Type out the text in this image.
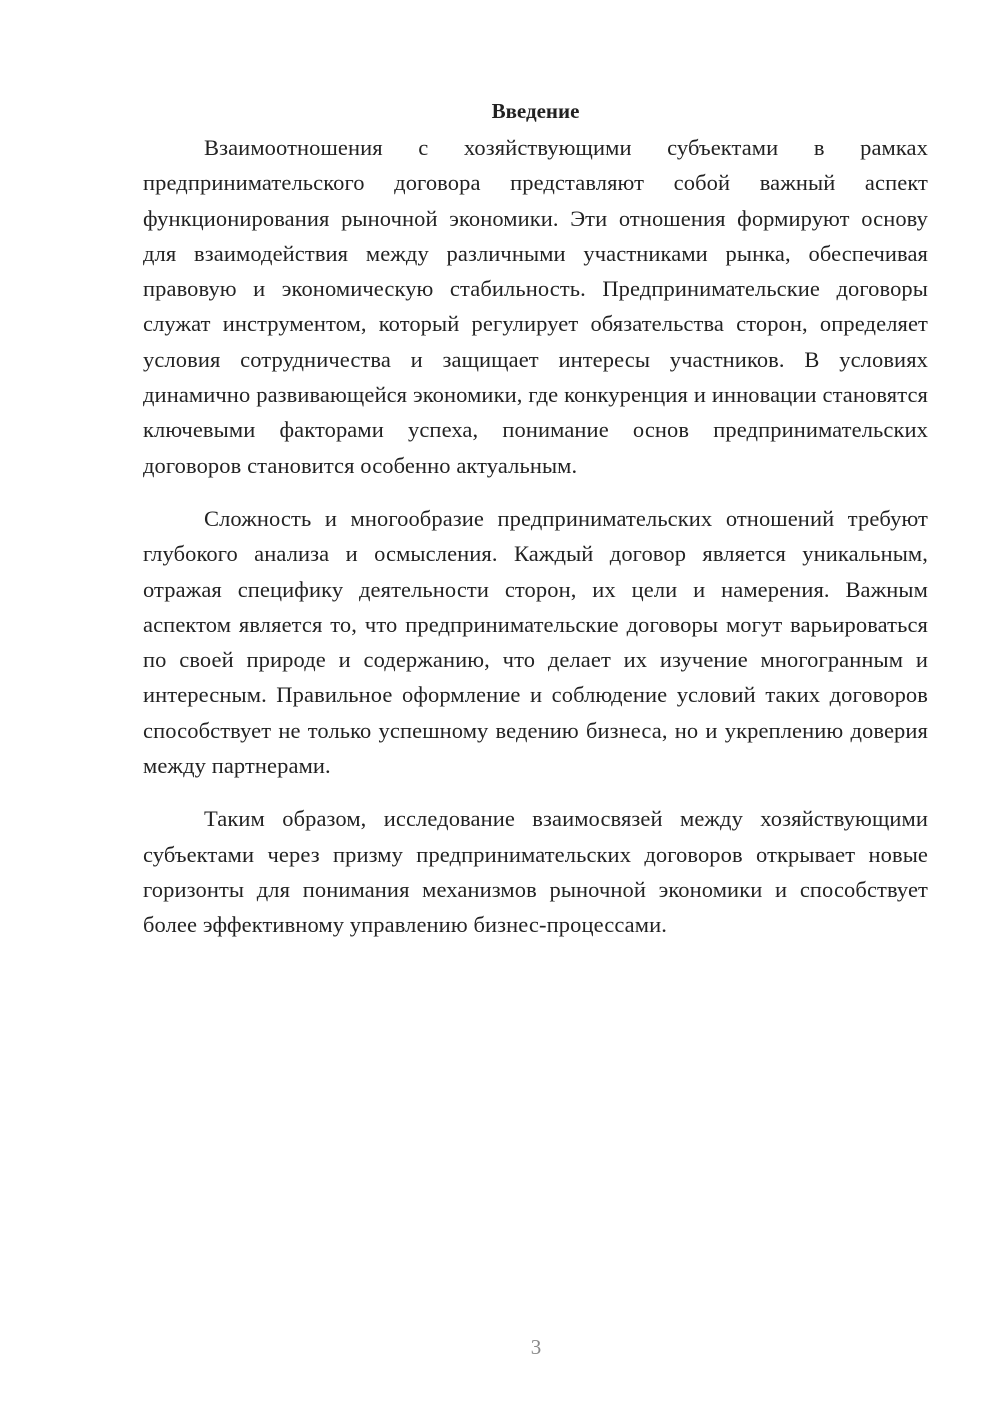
Введение

Взаимоотношения с хозяйствующими субъектами в рамках предпринимательского договора представляют собой важный аспект функционирования рыночной экономики. Эти отношения формируют основу для взаимодействия между различными участниками рынка, обеспечивая правовую и экономическую стабильность. Предпринимательские договоры служат инструментом, который регулирует обязательства сторон, определяет условия сотрудничества и защищает интересы участников. В условиях динамично развивающейся экономики, где конкуренция и инновации становятся ключевыми факторами успеха, понимание основ предпринимательских договоров становится особенно актуальным.

Сложность и многообразие предпринимательских отношений требуют глубокого анализа и осмысления. Каждый договор является уникальным, отражая специфику деятельности сторон, их цели и намерения. Важным аспектом является то, что предпринимательские договоры могут варьироваться по своей природе и содержанию, что делает их изучение многогранным и интересным. Правильное оформление и соблюдение условий таких договоров способствует не только успешному ведению бизнеса, но и укреплению доверия между партнерами.

Таким образом, исследование взаимосвязей между хозяйствующими субъектами через призму предпринимательских договоров открывает новые горизонты для понимания механизмов рыночной экономики и способствует более эффективному управлению бизнес-процессами.

3
